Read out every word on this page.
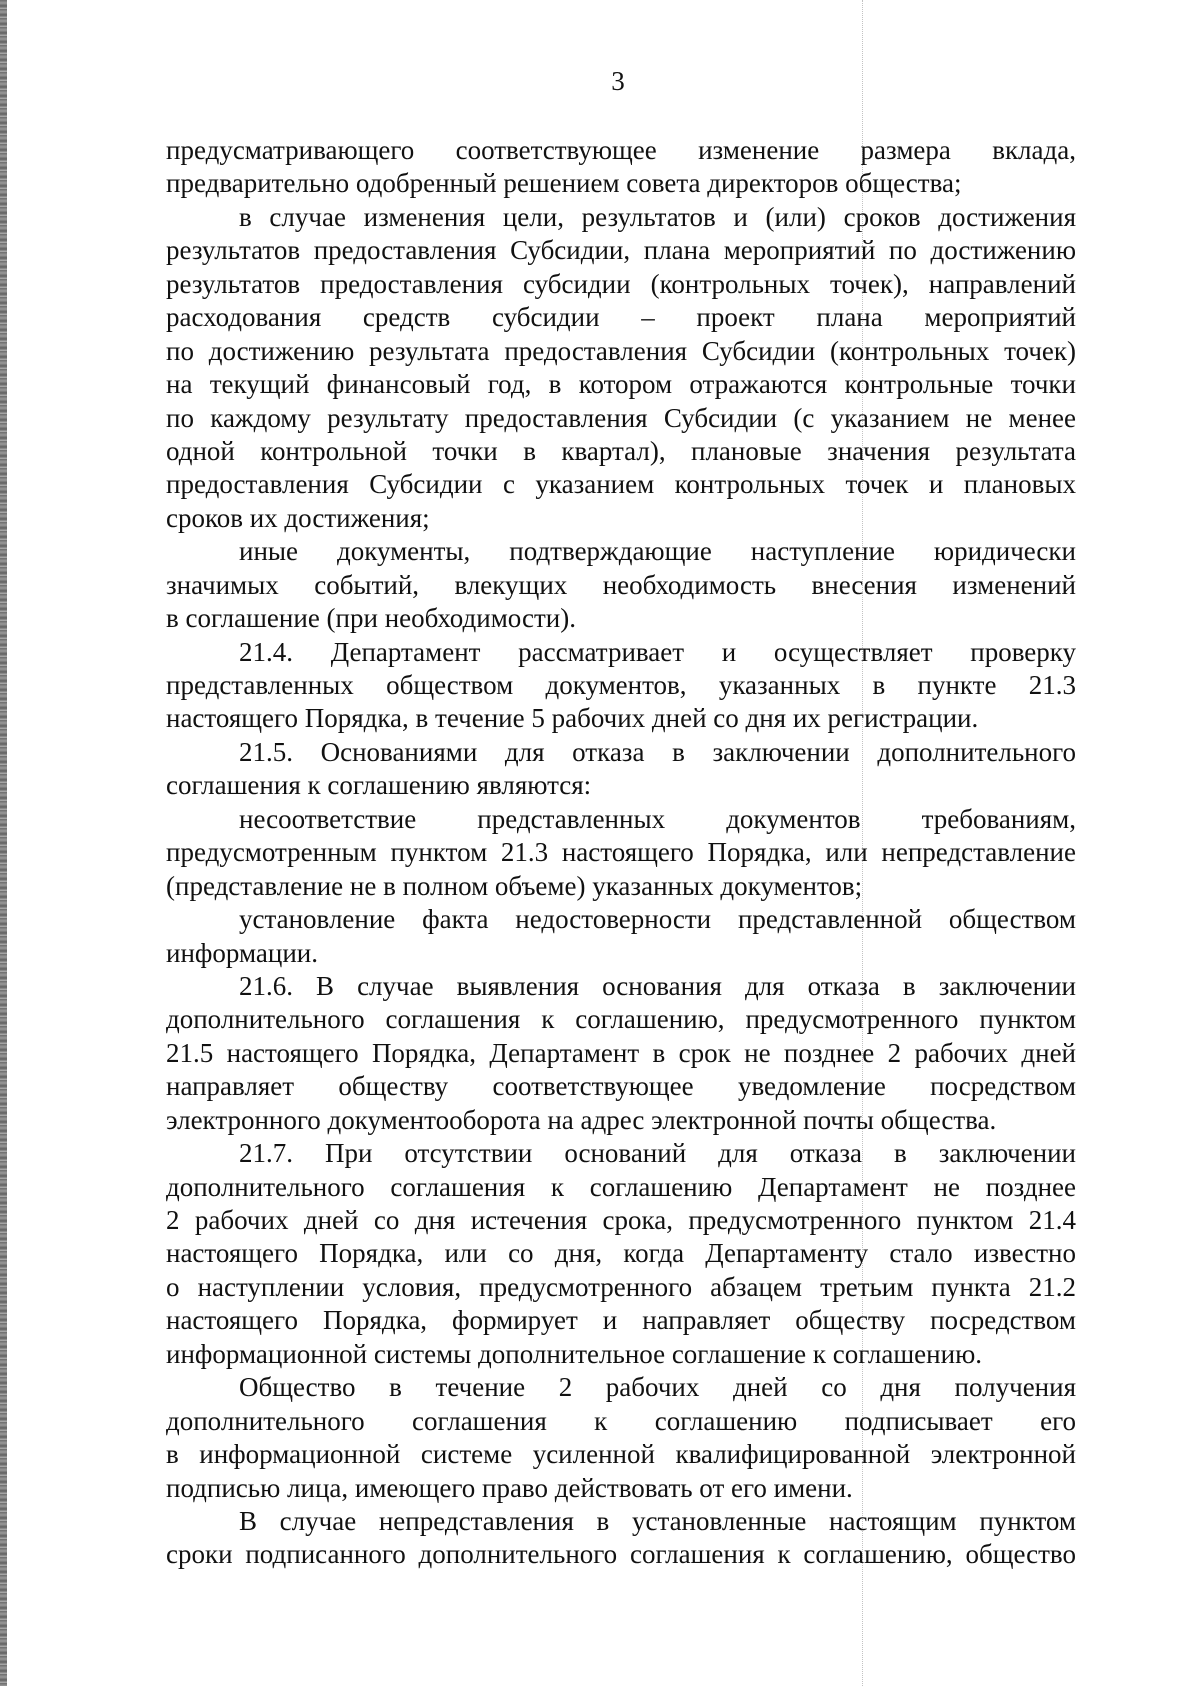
3
предусматривающего соответствующее изменение размера вклада,
предварительно одобренный решением совета директоров общества;
в случае изменения цели, результатов и (или) сроков достижения
результатов предоставления Субсидии, плана мероприятий по достижению
результатов предоставления субсидии (контрольных точек), направлений
расходования средств субсидии – проект плана мероприятий
по достижению результата предоставления Субсидии (контрольных точек)
на текущий финансовый год, в котором отражаются контрольные точки
по каждому результату предоставления Субсидии (с указанием не менее
одной контрольной точки в квартал), плановые значения результата
предоставления Субсидии с указанием контрольных точек и плановых
сроков их достижения;
иные документы, подтверждающие наступление юридически
значимых событий, влекущих необходимость внесения изменений
в соглашение (при необходимости).
21.4. Департамент рассматривает и осуществляет проверку
представленных обществом документов, указанных в пункте 21.3
настоящего Порядка, в течение 5 рабочих дней со дня их регистрации.
21.5. Основаниями для отказа в заключении дополнительного
соглашения к соглашению являются:
несоответствие представленных документов требованиям,
предусмотренным пунктом 21.3 настоящего Порядка, или непредставление
(представление не в полном объеме) указанных документов;
установление факта недостоверности представленной обществом
информации.
21.6. В случае выявления основания для отказа в заключении
дополнительного соглашения к соглашению, предусмотренного пунктом
21.5 настоящего Порядка, Департамент в срок не позднее 2 рабочих дней
направляет обществу соответствующее уведомление посредством
электронного документооборота на адрес электронной почты общества.
21.7. При отсутствии оснований для отказа в заключении
дополнительного соглашения к соглашению Департамент не позднее
2 рабочих дней со дня истечения срока, предусмотренного пунктом 21.4
настоящего Порядка, или со дня, когда Департаменту стало известно
о наступлении условия, предусмотренного абзацем третьим пункта 21.2
настоящего Порядка, формирует и направляет обществу посредством
информационной системы дополнительное соглашение к соглашению.
Общество в течение 2 рабочих дней со дня получения
дополнительного соглашения к соглашению подписывает его
в информационной системе усиленной квалифицированной электронной
подписью лица, имеющего право действовать от его имени.
В случае непредставления в установленные настоящим пунктом
сроки подписанного дополнительного соглашения к соглашению, общество
